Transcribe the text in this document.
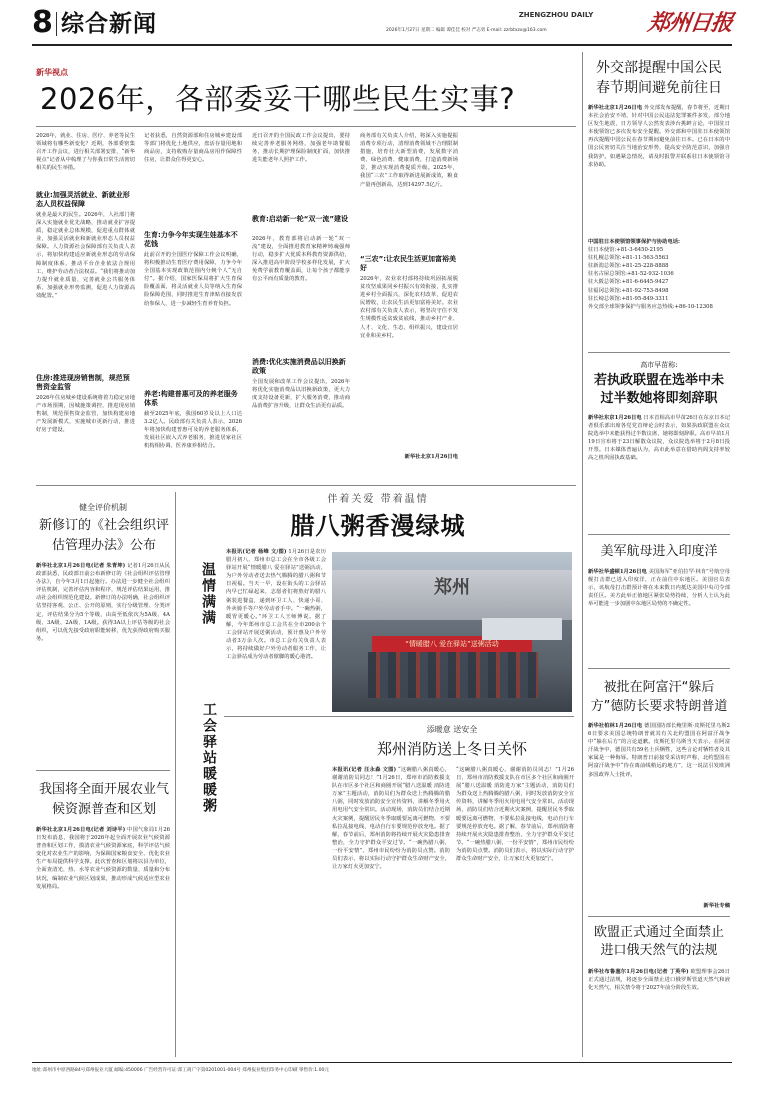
8 综合新闻	ZHENGZHOU DAILY
2026年1月27日 星期二 编辑 谭佳佳 校对 严志勇 E-mail: zzrbtxzx@163.com	郑州日报
新华视点
2026年，各部委妥干哪些民生实事?

2026年，就业、住房、医疗、养老等民生领域将有哪些新变化？近期，各部委密集召开工作会议，进行相关部署安排，“新华视点”记者从中梳理了与你我日常生活密切相关的民生举措。

就业:加强灵活就业、新就业形态人员权益保障

就业是最大的民生。2026年，人社部门将深入实施就业优先战略，推动就业扩容提质，稳定就业总体规模，促进重点群体就业，加强灵活就业和新就业形态人员权益保障。人力资源社会保障部有关负责人表示，将加快构建适应新就业形态的劳动保障制度体系，推动平台企业依法合规用工，维护劳动者合法权益。“我们将推动加力提升就业质量，完善就业公共服务体系，加强就业形势监测，促进人力资源高效配置。”

住房:推进现房销售制，规范预售资金监管

2026年住房城乡建设系统将着力稳定房地产市场预期，因城施策调控，推进现房销售制，规范预售资金监管，加快构建房地产发展新模式，实施城市更新行动，推进好房子建设。

记者获悉，自然资源部和住房城乡建设部等部门将优化土地供应，盘活存量用地和商品房，支持收购存量商品房用作保障性住房，让群众住得更安心。

生育:力争今年实现生娃基本不花钱

此前召开的全国医疗保障工作会议明确，将积极推动生育医疗费用保障，力争今年全国基本实现政策范围内分娩个人“无自付”。据介绍，国家医保局将扩大生育保险覆盖面，将灵活就业人员等纳入生育保险保障范围，同时推进生育津贴直接发放给参保人，进一步减轻生育养育负担。

养老:构建普惠可及的养老服务体系

截至2025年底，我国60岁及以上人口达3.2亿人。民政部有关负责人表示，2026年将加快构建普惠可及的养老服务体系，发展社区嵌入式养老服务，推进居家社区机构相协调、医养康养相结合。

近日召开的全国民政工作会议提出，要持续完善养老服务网络，加强老年助餐服务，推动长期护理保险制度扩面，加快推进失能老年人照护工作。

教育:启动新一轮“双一流”建设

2026年，教育部将启动新一轮“双一流”建设，全面推进教育家精神铸魂强师行动，稳步扩大优质本科教育资源供给，深入推进高中阶段学校多样化发展，扩大免费学前教育覆盖面，让每个孩子都能享有公平而有质量的教育。

消费:优化实施消费品以旧换新政策

全国发展和改革工作会议提出，2026年将优化实施消费品以旧换新政策，更大力度支持设备更新，扩大服务消费，推动商品消费扩容升级，让群众生活更有品质。

商务部有关负责人介绍，将深入实施提振消费专项行动，清理消费领域不合理限制措施，培育壮大新型消费，发展数字消费、绿色消费、健康消费，打造消费新场景，推动实现消费提质升级。2025年，我国“三农”工作取得新进展新成效，粮食产量再创新高，达到14297.5亿斤。

“三农”:让农民生活更加富裕美好

2026年，农业农村部将持续巩固拓展脱贫攻坚成果同乡村振兴有效衔接，扎实推进乡村全面振兴，深化农村改革，促进农民增收，让农民生活更加富裕美好。农业农村部有关负责人表示，将坚决守住不发生规模性返贫致贫底线，推动乡村产业、人才、文化、生态、组织振兴，建设宜居宜业和美乡村。

新华社北京1月26日电

外交部提醒中国公民春节期间避免前往日
新华社北京1月26日电 外交部发布提醒，春节将至，近期日本社会治安不靖，针对中国公民违法犯罪案件多发，部分地区发生地震，日方领导人公然发表涉台挑衅言论，中国驻日本使领馆已多次发布安全提醒。外交部和中国驻日本使领馆再次提醒中国公民在春节期间避免前往日本。已在日本的中国公民密切关注当地治安形势，提高安全防范意识，加强自我防护。如遇紧急情况，请及时报警并联系驻日本使领馆寻求协助。
中国驻日本使领馆领事保护与协助电话:
驻日本使馆:+81-3-6450-2195
驻札幌总领馆:+81-11-563-5563
驻新潟总领馆:+81-25-228-8888
驻名古屋总领馆:+81-52-932-1036
驻大阪总领馆:+81-6-6445-9427
驻福冈总领馆:+81-92-753-8498
驻长崎总领馆:+81-95-849-3311
外交部全球领事保护与服务应急热线:+86-10-12308
高市早苗称:
若执政联盟在选举中未过半数她将即刻辞职
新华社东京1月26日电 日本首相高市早苗26日在东京日本记者俱乐部出席各党党首辩论会时表示，如果执政联盟在众议院选举中未能获得过半数议席，她将即刻辞职。高市早苗1月19日宣布将于23日解散众议院，众议院选举将于2月8日投开票。日本媒体普遍认为，高市此举意在借助内阁支持率较高之机巩固执政基础。
美军航母进入印度洋
新华社华盛顿1月26日电 美国海军“亚伯拉罕·林肯”号航空母舰打击群已进入印度洋，正在前往中东地区。美国官员表示，该航母打击群预计将在未来数日内抵达美国中央司令部责任区。美方此举正值地区紧张局势持续，分析人士认为此举可能进一步加剧中东地区局势的不确定性。
被批在阿富汗“躲后方”德防长要求特朗普道
新华社柏林1月26日电 德国国防部长鲍里斯·皮斯托里乌斯26日要求美国总统特朗普就其有关北约盟国在阿富汗战争中“躲在后方”的言论道歉。皮斯托里乌斯当天表示，在阿富汗战争中，德国共有59名士兵牺牲，这些言论对牺牲者及其家属是一种侮辱。特朗普日前接受采访时声称，北约盟国在阿富汗战争中“待在离前线稍远的地方”，这一说法引发欧洲多国政界人士批评。
新华社专稿
欧盟正式通过全面禁止进口俄天然气的法规
新华社布鲁塞尔1月26日电(记者 丁英华) 欧盟理事会26日正式通过法规，将逐步全面禁止进口俄罗斯管道天然气和液化天然气，相关禁令将于2027年前分阶段生效。
健全评价机制
新修订的《社会组织评估管理办法》公布
新华社北京1月26日电(记者 朱青坤) 记者1月26日从民政部获悉，民政部日前公布新修订的《社会组织评估管理办法》，自今年3月1日起施行。办法进一步健全社会组织评估机制，完善评估内容和程序，规范评估结果运用，推动社会组织规范化建设。新修订的办法明确，社会组织评估坚持客观、公正、公开的原则，实行分级管理、分类评定，评估结果分为5个等级，由高至低依次为5A级、4A级、3A级、2A级、1A级。获得3A以上评估等级的社会组织，可以优先接受政府职能转移，优先获得政府购买服务。
我国将全面开展农业气候资源普查和区划
新华社北京1月26日电(记者 刘诗平) 中国气象局1月26日发布消息，我国将于2026年起全面开展农业气候资源普查和区划工作，摸清农业气候资源家底，科学评估气候变化对农业生产的影响，为保障国家粮食安全、优化农业生产布局提供科学支撑。此次普查和区划将以县为单位，全面查清光、热、水等农业气候资源的数量、质量和分布状况，编制农业气候区划成果，推动形成气候适应型农业发展格局。
伴着关爱 带着温情
腊八粥香漫绿城
温情满满
工会驿站暖暖粥
本报讯(记者 杨峰 文/图) 1月26日是农历腊月初八，郑州市总工会在全市各级工会驿站开展“情暖腊八 爱在驿站”送粥活动，为户外劳动者送去热气腾腾的腊八粥和节日祝福。当天一早，设在街头的工会驿站内早已忙碌起来，志愿者们将熬好的腊八粥装进餐盒，递到环卫工人、快递小哥、外卖骑手等户外劳动者手中。“一碗热粥，暖胃更暖心。”环卫工人王师傅说。据了解，今年郑州市总工会共在全市200余个工会驿站开展送粥活动，预计惠及户外劳动者3万余人次。市总工会有关负责人表示，将持续做好户外劳动者服务工作，让工会驿站成为劳动者歇脚的暖心港湾。
郑州
“情暖腊八 爱在驿站”送粥活动
添暖意 送安全
郑州消防送上冬日关怀
本报讯(记者 汪永森 文图) “这碗腊八粥真暖心，谢谢消防员同志！”1月26日，郑州市消防救援支队在市区多个社区和商圈开展“腊八送温暖 消防进万家”主题活动，消防员们为群众送上热腾腾的腊八粥，同时发放消防安全宣传资料，讲解冬季用火用电用气安全常识。活动现场，消防员们结合近期火灾案例，提醒居民冬季取暖要远离可燃物，不要私拉乱接电线，电动自行车要规范停放充电。据了解，春节前后，郑州消防将持续开展火灾隐患排查整治，全力守护群众平安过节。“一碗热腊八粥，一份平安情”，郑州市民纷纷为消防员点赞。消防员们表示，将以实际行动守护群众生命财产安全，让万家灯火更加安宁。
“这碗腊八粥真暖心，谢谢消防员同志！”1月26日，郑州市消防救援支队在市区多个社区和商圈开展“腊八送温暖 消防进万家”主题活动，消防员们为群众送上热腾腾的腊八粥，同时发放消防安全宣传资料，讲解冬季用火用电用气安全常识。活动现场，消防员们结合近期火灾案例，提醒居民冬季取暖要远离可燃物，不要私拉乱接电线，电动自行车要规范停放充电。据了解，春节前后，郑州消防将持续开展火灾隐患排查整治，全力守护群众平安过节。“一碗热腊八粥，一份平安情”，郑州市民纷纷为消防员点赞。消防员们表示，将以实际行动守护群众生命财产安全，让万家灯火更加安宁。
地址:郑州市中原西路84号郑州报业大厦 邮编:450006 广告经营许可证:郑工商广字第0201001-004号 郑州报业集团印务中心印刷 零售价:1.00元
